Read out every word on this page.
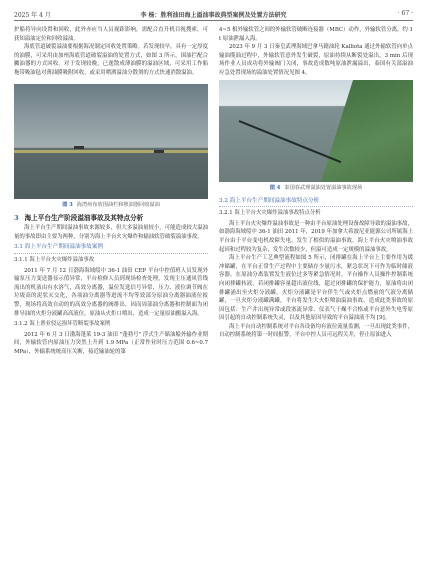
2025 年 4 月	李 杨：胜利油田海上溢油事故典型案例及处置方法研究	· 67 ·

护船将导向设置和回收，此外亦应当人员视距影响，需配合直升机目视搜索，可获知溢油定位和回收溢油。

海底管道破裂溢油要根据海况制定回收处置策略。若发现较早，具有一定厚度的油膜，可采用由加州海底管道破裂溢油的处置方式，如图 3 所示，围油拦配合撇油器的方式回收。对于发现较晚，已逸散成薄油膜的溢油区域，可采用工作船拖带吸油毡对薄油膜吸附回收，或采用喷洒溢油分散剂的方式快速消散溢油。

图 3 海湾州布放围油栏和喷油器回收溢油
3 海上平台生产阶段溢油事故及其特点分析

海上平台生产期间溢油事故来源较多，但大多溢油量较小，可能造成较大溢油量的事故即由主要为两种，分别为海上平台火灾爆炸和输油软管破裂溢油事故。

3.1 海上平台生产期间溢油事故案例
3.1.1 海上平台火灾爆炸溢油事故

2011 年 7 月 12 日渤海海域绥中 36-1 油田 CEP 平台中控值班人员发现外输泵压力变送器显示值异常，平台检修人员到现场检查处理，发现主压通风管线流出的机液由有水溶气，高效分离器，溢位发选信号异常，压力、液位调节阀在垃圾高的泥状灭交化，各项油分离器等进流不均等效部分原油分离器油液位报警，现场将高效自动的的高效分离器的阀排出，因而周部油分离器和控制面为闭排导油的火炬分液罐高高液位，原油从火炬口喷出，造成一定量原油搬溢入海。

3.1.2 海上渔业驳运损坏管断裂事故案例

2012 年 6 月 3 日渤海蓬莱 19-3 油田 "蓬勃号" 浮式生产储油船外输作业期间，外输软管内原油压力突然上升到 1.9 MPa（正常作业时压力范围 0.6~0.7 MPa），外输系统统高压关断，接近输油轮的第

4~5 根外输软管之间的外输软管破断连接器（MBC）动作，外输软管分离，约 1 t 原油泄漏入海。

2023 年 9 月 3 日秦皇武理海域巴拿马籍油轮 Kalliota 通过外输软管向单点输油缆油过程中，外输软管意外发生破裂，原油持续从断裂处溢出，3 min 后现场作业人员成功将外输阀门关闭，事故造成数吨原油泄漏溢出，泰国有关部溢油应急处置现场的溢油处置情况见图 4。

图 4 泰国春武理溢油处置溢油事故现场
3.2 海上平台生产期间溢油事故特点分析
3.2.1 海上平台火灾爆炸溢油事故特点分析

海上平台火灾爆炸溢油事故是一种由平台原油处理设备故障导致的溢油事故，如渤海海域绥中 36-1 油田 2011 年，2019 年加拿大希波尼亚能源公司所属海上平台由于平台变电机故障失电，发生了相似的溢油事故。海上平台火灾喷油事故起因和过程较为复杂，发生次数较少，但溢可造成一定规模的溢油事故。

海上平台生产工艺典型流程如图 5 所示，闭排罐在海上平台上主要作用为缓冲储罐，在平台正常生产过程中主要储存少量污水，紧急状况下可作为临时储液容器。在原油分离装置发生液位过多等紧急情况时，平台操作人员操作控制系统向闭排罐转液，若闭排罐容量超出液位线，超过闭排罐的保护能力，原油将由闭排罐涌出至火炬分液罐，火炬分液罐是平台伴生气或火炬点燃前的气液分离储罐，一旦火炬分液罐满罐，平台将发生大火炬喷油溢油事故。造成此类事故的原因包括：生产井出现异常或段塞流异常、仪表气干燥不合格或平台意外失电等原因引起的自动控制系统失灵，以及其他原因导致的平台溢油液不均 [9]。

海上平台自动控制系统对平台各设备均有液位流量监测，一旦出现此类事件，自动控制系统将第一时间报警，平台中控人员可远程关井，停止原油进入
